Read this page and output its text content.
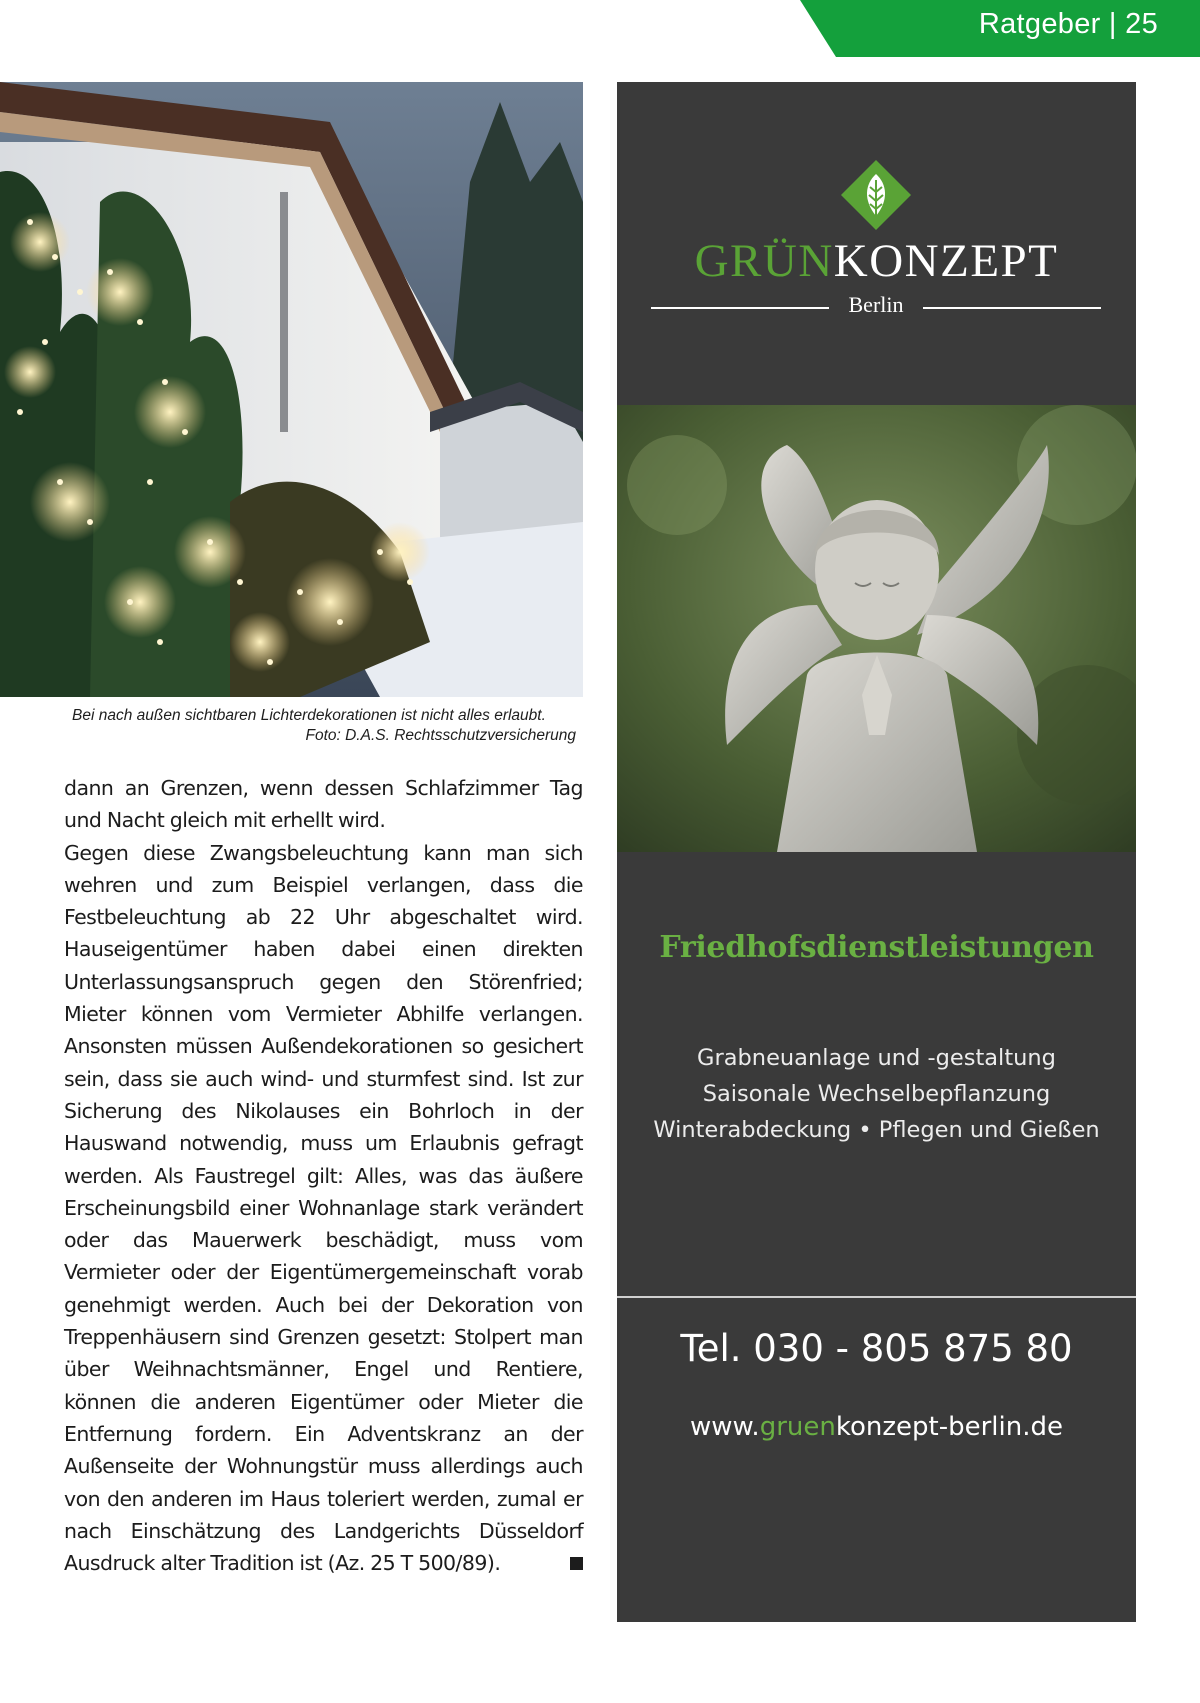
Ratgeber | 25
Bei nach außen sichtbaren Lichterdekorationen ist nicht alles erlaubt.
Foto: D.A.S. Rechtsschutzversicherung

dann an Grenzen, wenn dessen Schlafzimmer Tag und Nacht gleich mit erhellt wird.

Gegen diese Zwangsbeleuchtung kann man sich wehren und zum Beispiel verlangen, dass die Festbeleuchtung ab 22 Uhr abgeschaltet wird. Hauseigentümer haben dabei einen direkten Unterlassungsanspruch gegen den Störenfried; Mieter können vom Vermieter Abhilfe verlangen. Ansonsten müssen Außendekorationen so gesichert sein, dass sie auch wind- und sturmfest sind. Ist zur Sicherung des Nikolauses ein Bohrloch in der Hauswand notwendig, muss um Erlaubnis gefragt werden. Als Faustregel gilt: Alles, was das äußere Erscheinungsbild einer Wohnanlage stark verändert oder das Mauerwerk beschädigt, muss vom Vermieter oder der Eigentümergemeinschaft vorab genehmigt werden. Auch bei der Dekoration von Treppenhäusern sind Grenzen gesetzt: Stolpert man über Weihnachtsmänner, Engel und Rentiere, können die anderen Eigentümer oder Mieter die Entfernung fordern. Ein Adventskranz an der Außenseite der Wohnungstür muss allerdings auch von den anderen im Haus toleriert werden, zumal er nach Einschätzung des Landgerichts Düsseldorf Ausdruck alter Tradition ist (Az. 25 T 500/89).

GRÜNKONZEPT
Berlin
Friedhofsdienstleistungen
Grabneuanlage und -gestaltung
Saisonale Wechselbepflanzung
Winterabdeckung • Pflegen und Gießen
Tel. 030 - 805 875 80
www.gruenkonzept-berlin.de
